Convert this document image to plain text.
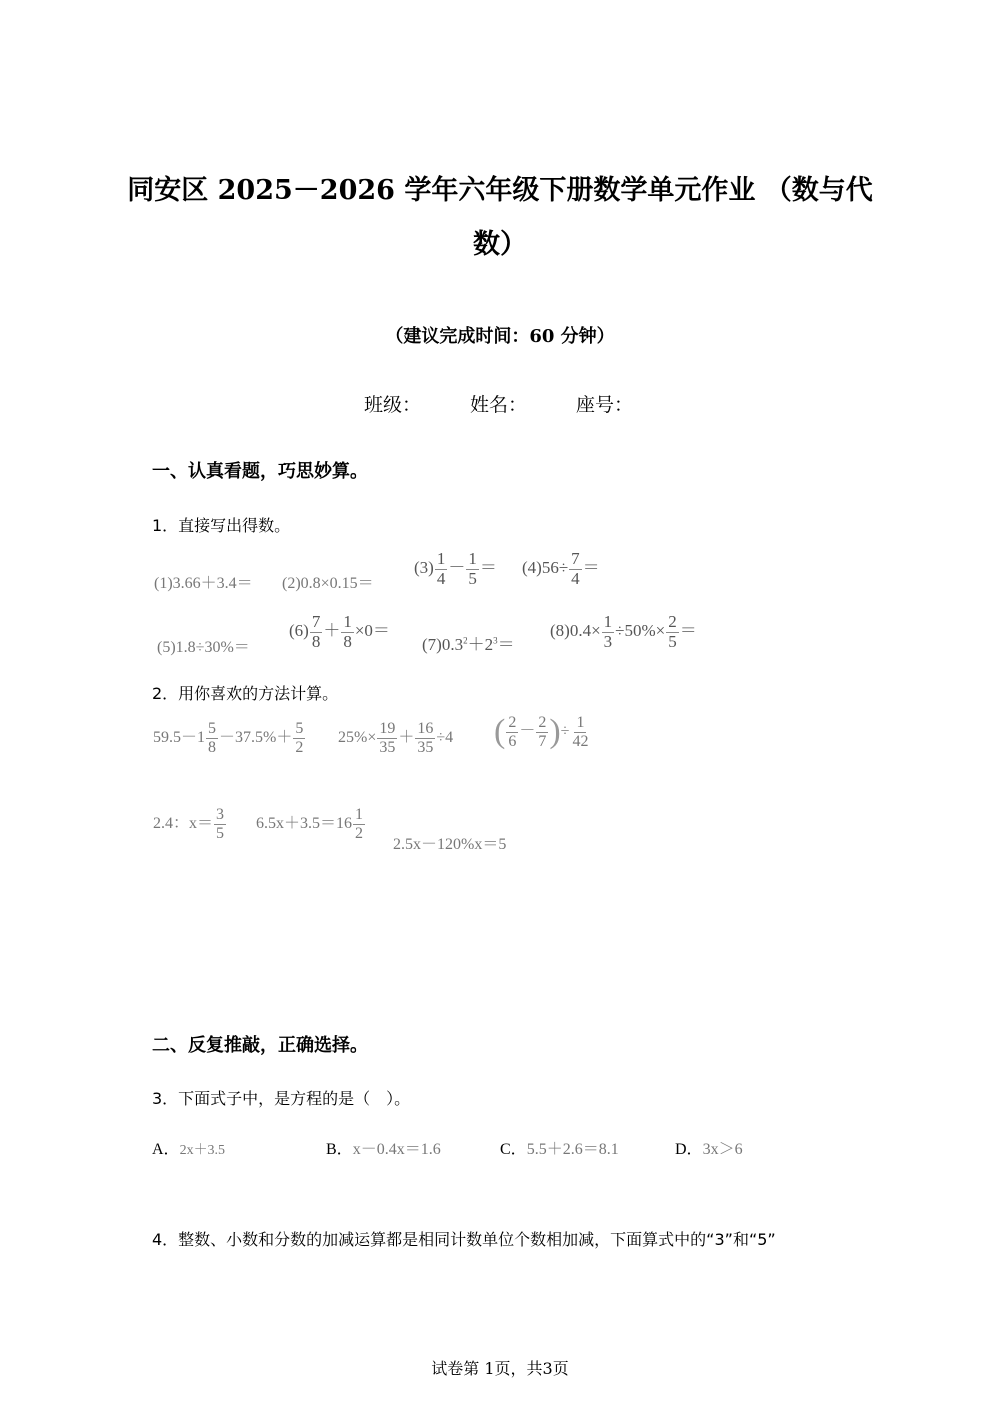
同安区 2025－2026 学年六年级下册数学单元作业 （数与代
数）
（建议完成时间：60 分钟）
班级：	姓名：	座号：
一、认真看题，巧思妙算。
1．直接写出得数。
(1)3.66＋3.4＝ (2)0.8×0.15＝
$(3) \frac{1}{4} - \frac{1}{5} = (4)56\div \frac{7}{4}$ ＝
(5)1.8÷30%＝
$(6) \frac{7}{8} + \frac{1}{8} \times 0=$
$(7)0.3^2+2^3=$
$(8)0.4\times \frac{1}{3} \div 50\%\times \frac{2}{5}$ ＝
2．用你喜欢的方法计算。
$59.5-1 \frac{5}{8} -37.5\%+ \frac{5}{2} 25\%\times \frac{19}{35} + \frac{16}{35} \div 4$ ( $\frac{2}{6} - \frac{2}{7}$ )÷ $\frac{1}{42}$
2.4：$x= \frac{3}{5} 6.5x+3.5=16 \frac{1}{2}$
2.5x－120%x＝5
二、反复推敲，正确选择。
3．下面式子中，是方程的是（　）。
A．2x＋3.5	B．x－0.4x＝1.6	C．5.5＋2.6＝8.1	D．3x＞6
4．整数、小数和分数的加减运算都是相同计数单位个数相加减，下面算式中的“3”和“5”
试卷第 1页，共3页
